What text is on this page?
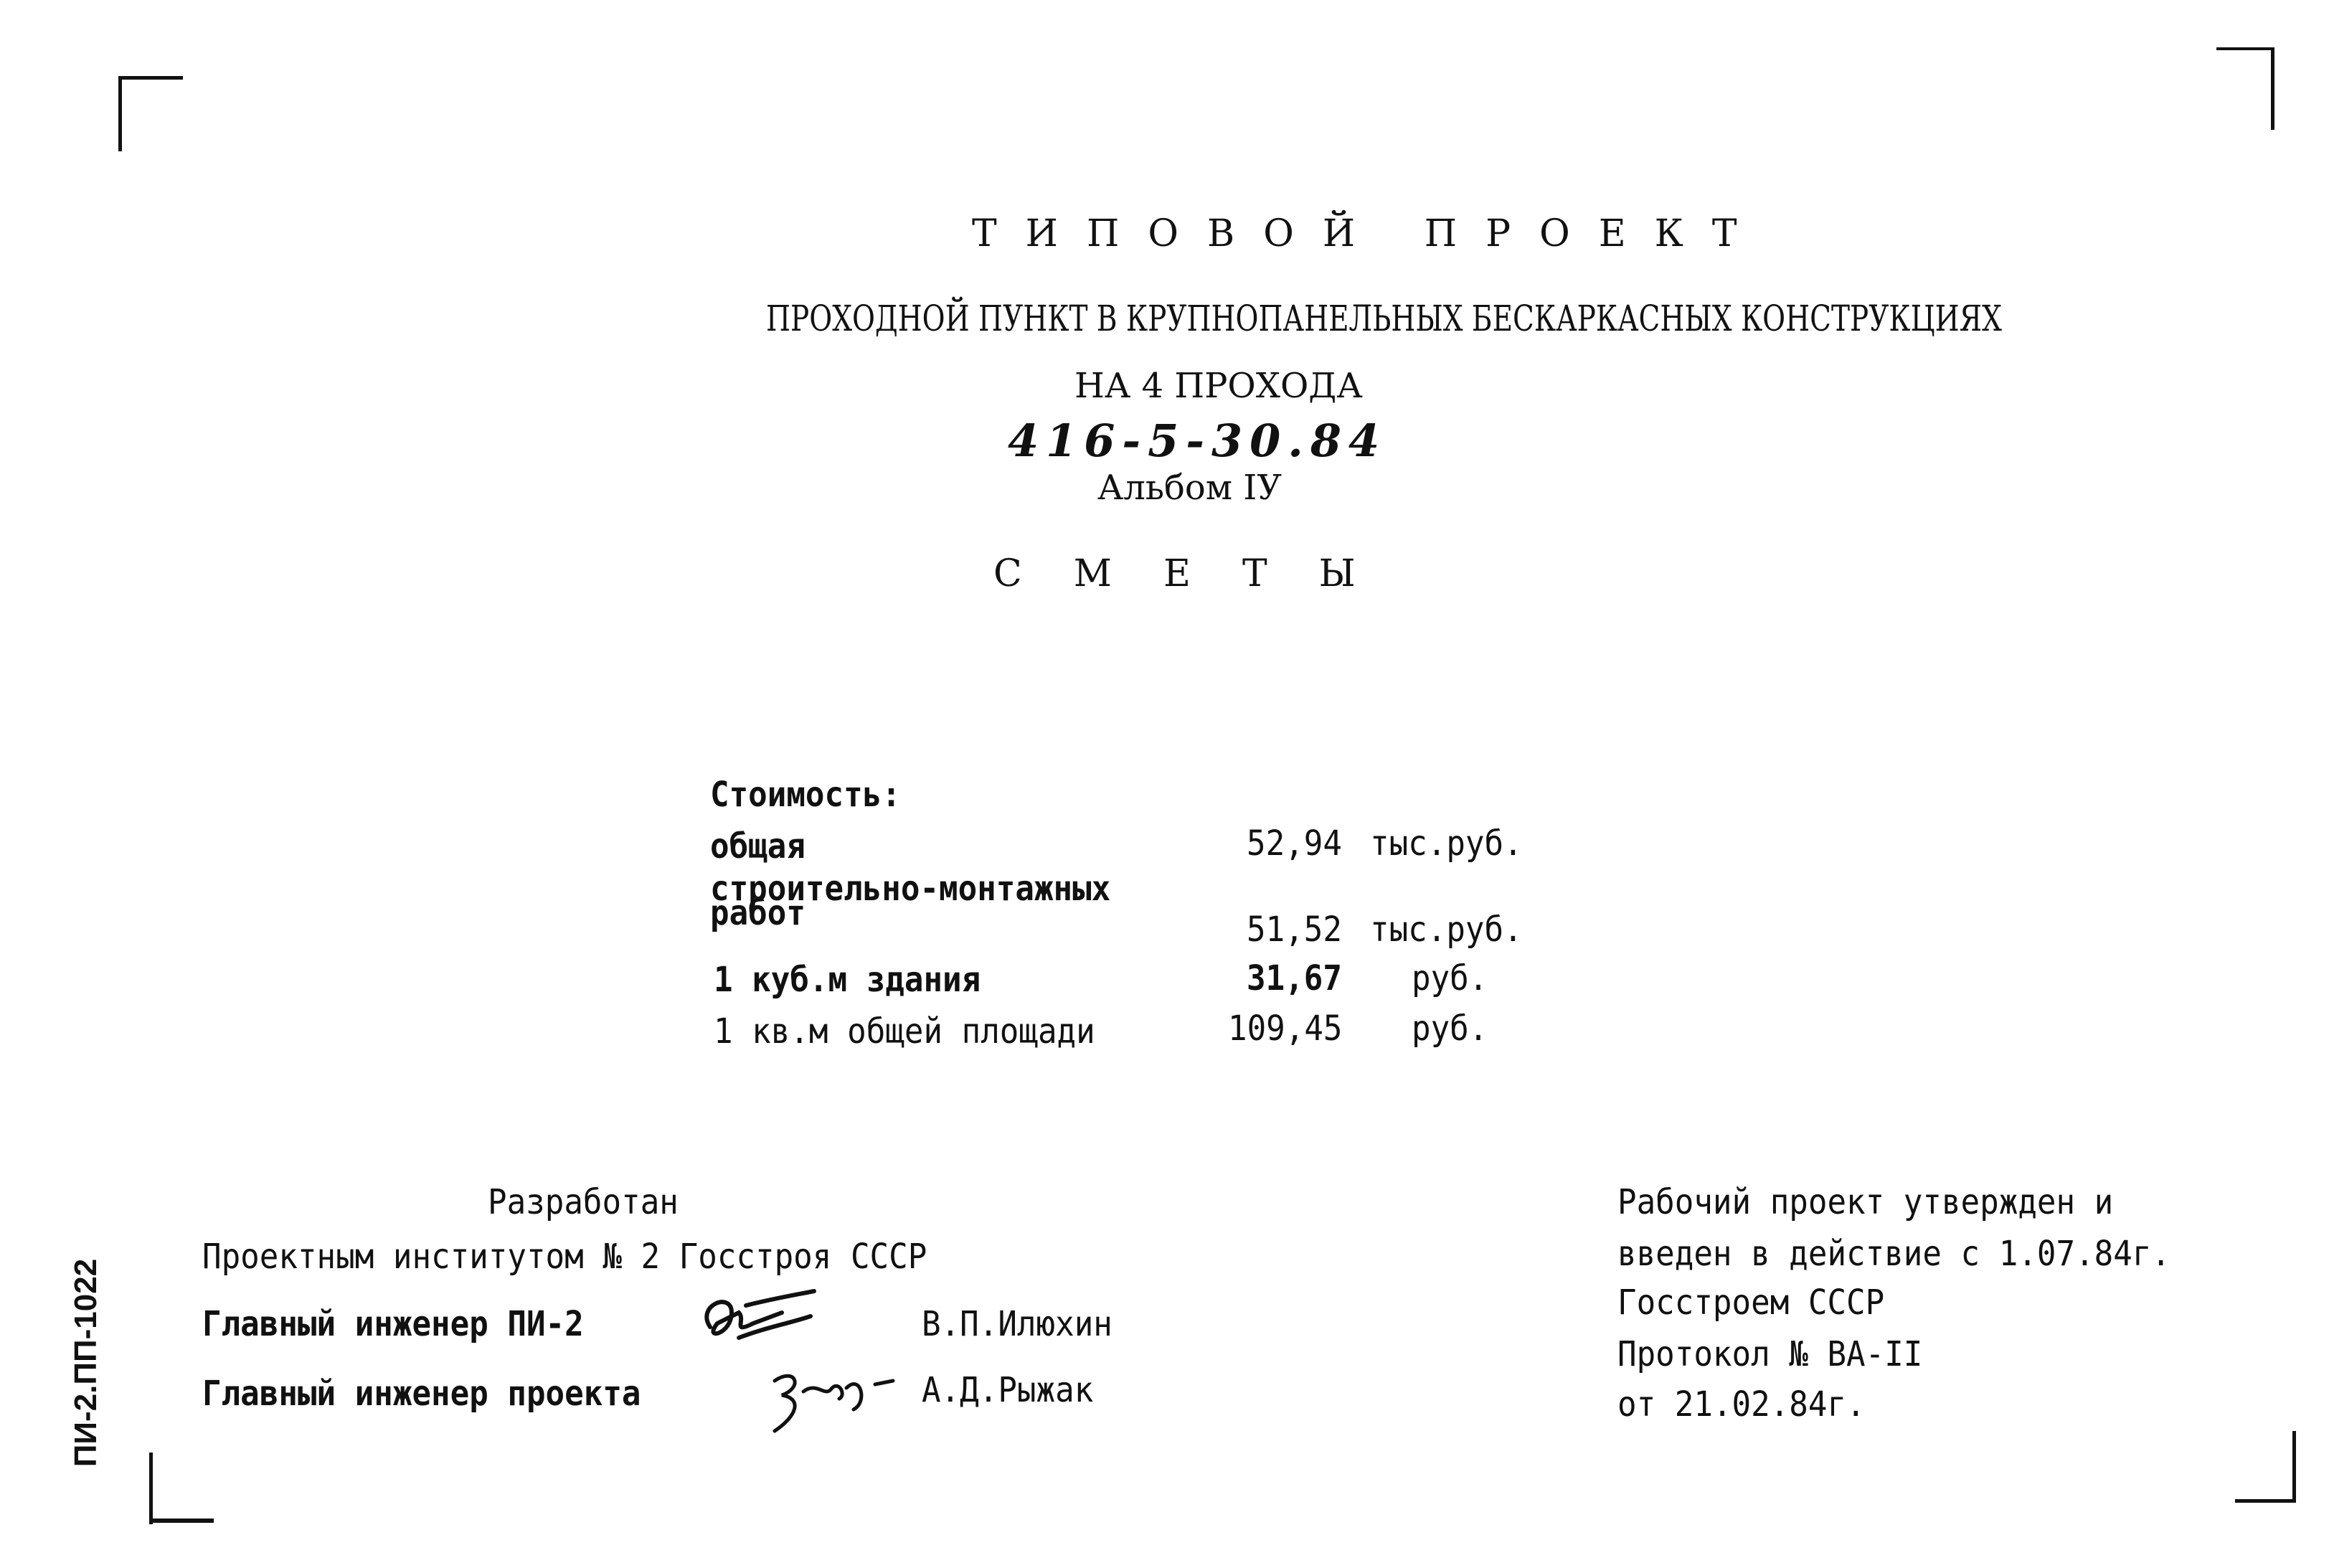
ПИ-2.ПП-1022
ТИПОВОЙ ПРОЕКТ
ПРОХОДНОЙ ПУНКТ В КРУПНОПАНЕЛЬНЫХ БЕСКАРКАСНЫХ КОНСТРУКЦИЯХ
НА 4 ПРОХОДА
416-5-30.84
Альбом IУ
СМЕТЫ
Стоимость:
общая	52,94 тыс.руб.
строительно-монтажных работ	51,52 тыс.руб.
1 куб.м здания	31,67 руб.
1 кв.м общей площади	109,45 руб.
Разработан
Проектным институтом № 2 Госстроя СССР
Главный инженер ПИ-2	В.П.Илюхин
Главный инженер проекта	А.Д.Рыжак
Рабочий проект утвержден и
введен в действие с 1.07.84г.
Госстроем СССР
Протокол № ВА-II
от 21.02.84г.
